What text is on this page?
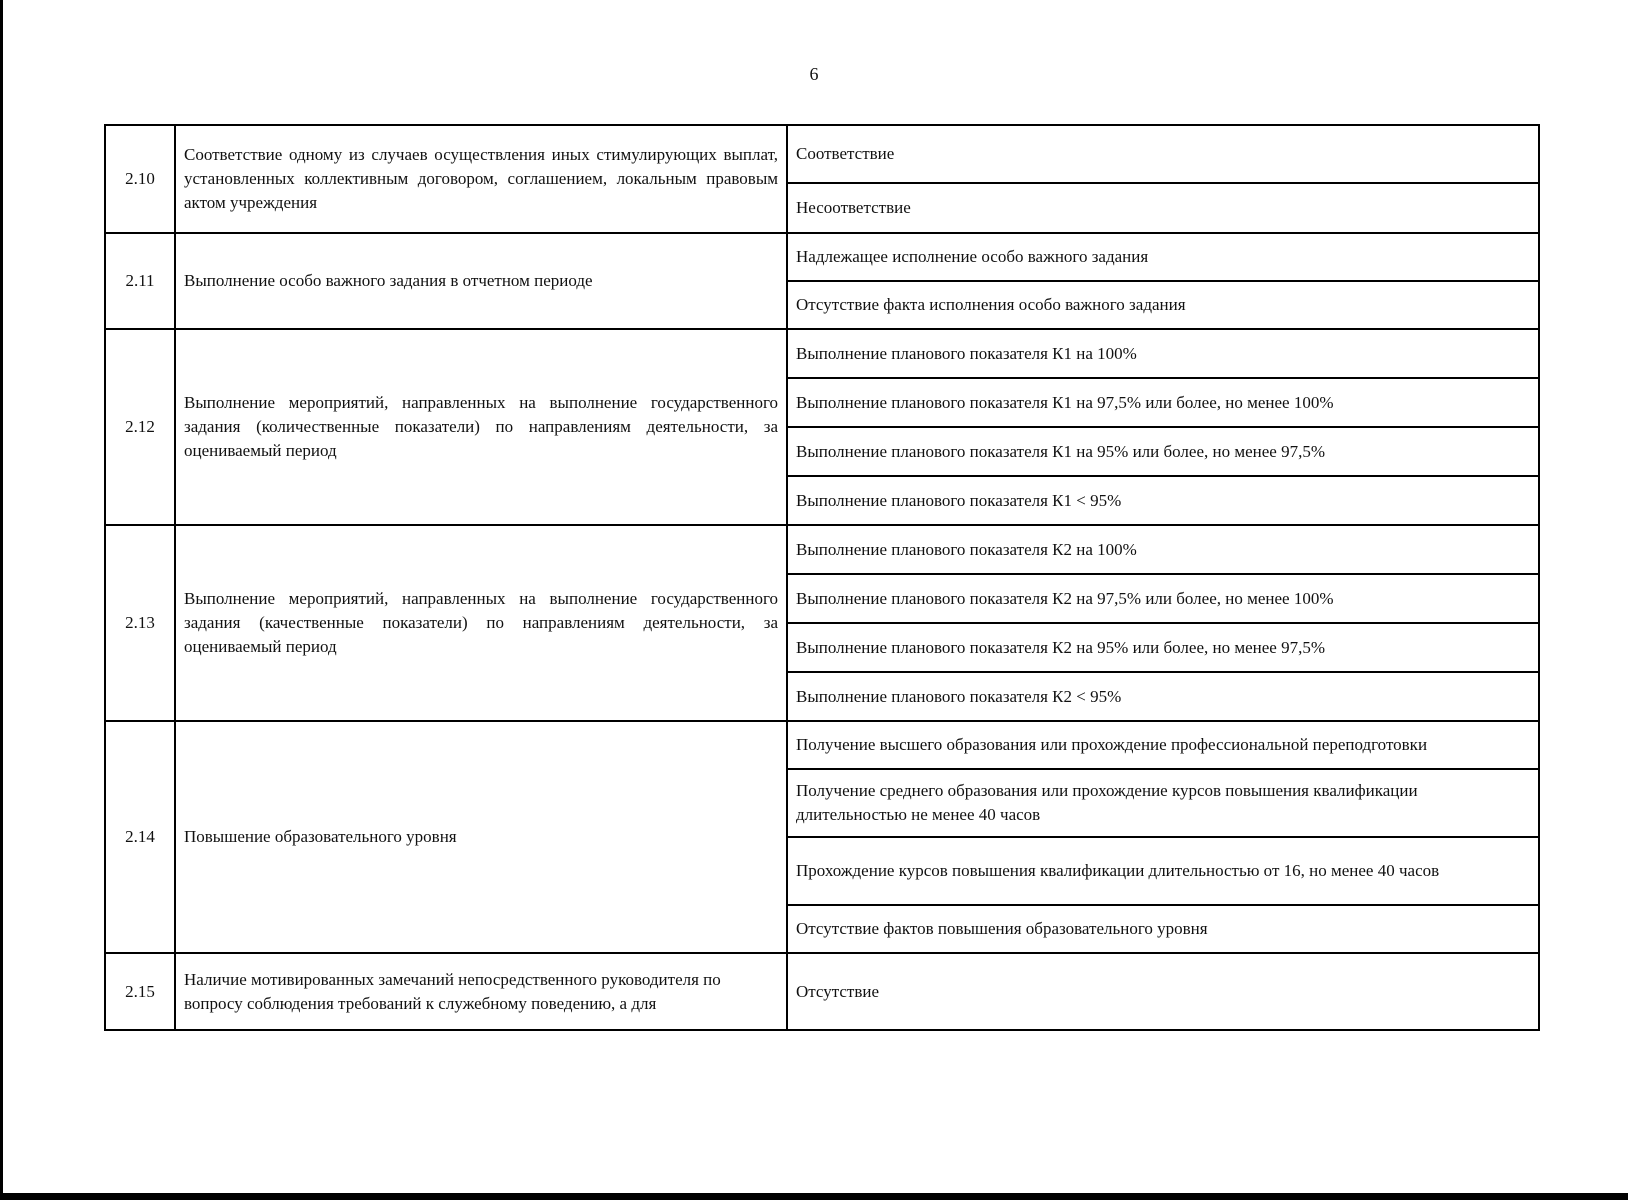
6
2.10	Соответствие одному из случаев осуществления иных стимулирующих выплат, установленных коллективным договором, соглашением, локальным правовым актом учреждения	Соответствие
		Несоответствие
2.11	Выполнение особо важного задания в отчетном периоде	Надлежащее исполнение особо важного задания
		Отсутствие факта исполнения особо важного задания
2.12	Выполнение мероприятий, направленных на выполнение государственного задания (количественные показатели) по направлениям деятельности, за оцениваемый период	Выполнение планового показателя К1 на 100%
		Выполнение планового показателя К1 на 97,5% или более, но менее 100%
		Выполнение планового показателя К1 на 95% или более, но менее 97,5%
		Выполнение планового показателя К1 < 95%
2.13	Выполнение мероприятий, направленных на выполнение государственного задания (качественные показатели) по направлениям деятельности, за оцениваемый период	Выполнение планового показателя К2 на 100%
		Выполнение планового показателя К2 на 97,5% или более, но менее 100%
		Выполнение планового показателя К2 на 95% или более, но менее 97,5%
		Выполнение планового показателя К2 < 95%
2.14	Повышение образовательного уровня	Получение высшего образования или прохождение профессиональной переподготовки
		Получение среднего образования или прохождение курсов повышения квалификации длительностью не менее 40 часов
		Прохождение курсов повышения квалификации длительностью от 16, но менее 40 часов
		Отсутствие фактов повышения образовательного уровня
2.15	Наличие мотивированных замечаний непосредственного руководителя по вопросу соблюдения требований к служебному поведению, а для	Отсутствие
